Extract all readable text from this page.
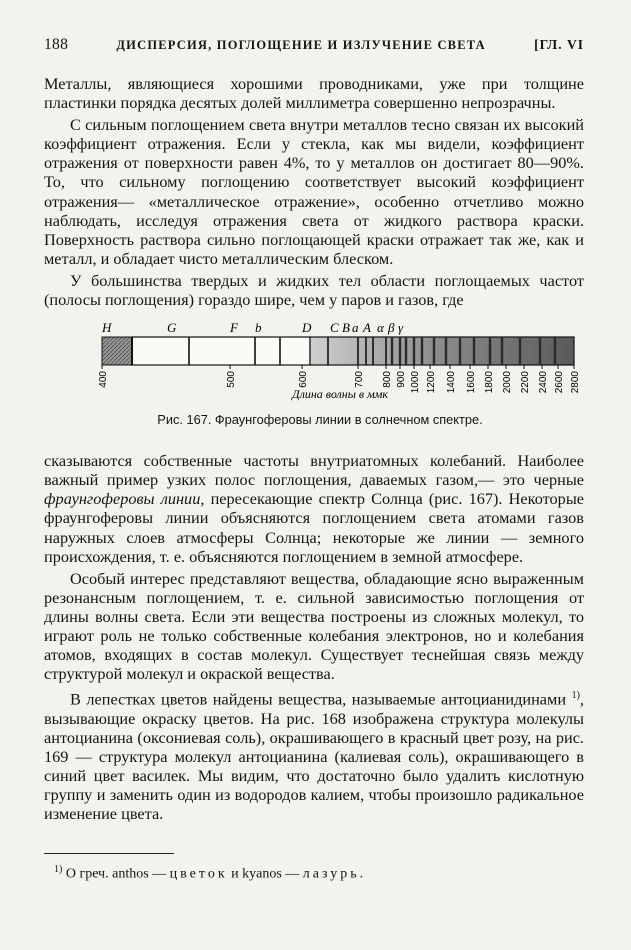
188	ДИСПЕРСИЯ, ПОГЛОЩЕНИЕ И ИЗЛУЧЕНИЕ СВЕТА	[ГЛ. VI

Металлы, являющиеся хорошими проводниками, уже при толщине пластинки порядка десятых долей миллиметра совершенно непрозрачны.

С сильным поглощением света внутри металлов тесно связан их высокий коэффициент отражения. Если у стекла, как мы видели, коэффициент отражения от поверхности равен 4%, то у металлов он достигает 80—90%. То, что сильному поглощению соответствует высокий коэффициент отражения— «металлическое отражение», особенно отчетливо можно наблюдать, исследуя отражения света от жидкого раствора краски. Поверхность раствора сильно поглощающей краски отражает так же, как и металл, и обладает чисто металлическим блеском.

У большинства твердых и жидких тел области поглощаемых частот (полосы поглощения) гораздо шире, чем у паров и газов, где

H	G	F b	D C B a A α β γ
400	500	600	700 800 900 1000 1200 1400 1600 1800 2000 2200 2400 2600 2800
Длина волны в ммк
Рис. 167. Фраунгоферовы линии в солнечном спектре.

сказываются собственные частоты внутриатомных колебаний. Наиболее важный пример узких полос поглощения, даваемых газом,— это черные фраунгоферовы линии, пересекающие спектр Солнца (рис. 167). Некоторые фраунгоферовы линии объясняются поглощением света атомами газов наружных слоев атмосферы Солнца; некоторые же линии — земного происхождения, т. е. объясняются поглощением в земной атмосфере.

Особый интерес представляют вещества, обладающие ясно выраженным резонансным поглощением, т. е. сильной зависимостью поглощения от длины волны света. Если эти вещества построены из сложных молекул, то играют роль не только собственные колебания электронов, но и колебания атомов, входящих в состав молекул. Существует теснейшая связь между структурой молекул и окраской вещества.

В лепестках цветов найдены вещества, называемые антоцианидинами $^{1)}$, вызывающие окраску цветов. На рис. 168 изображена структура молекулы антоцианина (оксониевая соль), окрашивающего в красный цвет розу, на рис. 169 — структура молекул антоцианина (калиевая соль), окрашивающего в синий цвет василек. Мы видим, что достаточно было удалить кислотную группу и заменить один из водородов калием, чтобы произошло радикальное изменение цвета.

$^{1)}$ О греч. anthos — цветок и kyanos — лазурь.
